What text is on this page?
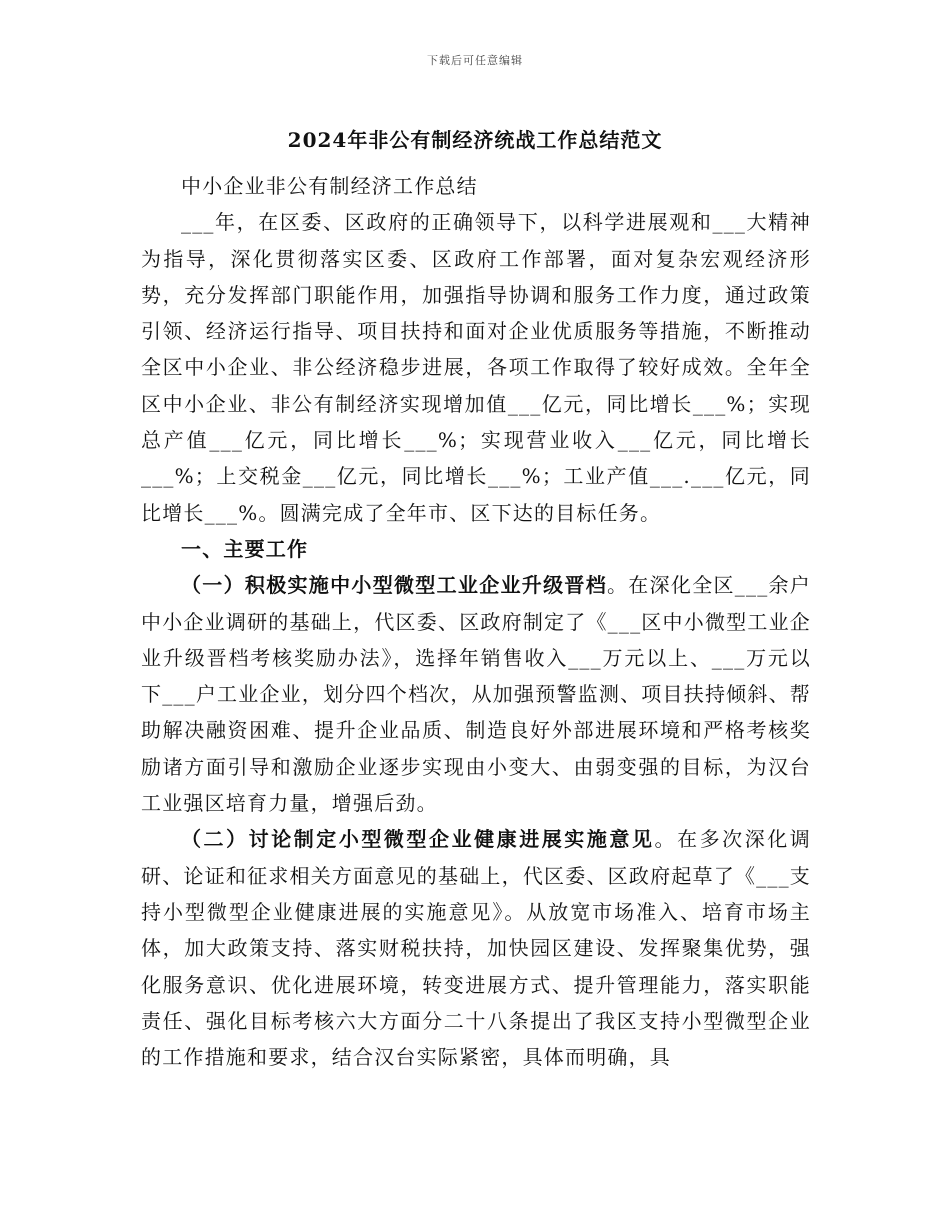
下载后可任意编辑
2024年非公有制经济统战工作总结范文

中小企业非公有制经济工作总结

___年，在区委、区政府的正确领导下，以科学进展观和___大精神为指导，深化贯彻落实区委、区政府工作部署，面对复杂宏观经济形势，充分发挥部门职能作用，加强指导协调和服务工作力度，通过政策引领、经济运行指导、项目扶持和面对企业优质服务等措施，不断推动全区中小企业、非公经济稳步进展，各项工作取得了较好成效。全年全区中小企业、非公有制经济实现增加值___亿元，同比增长___%；实现总产值___亿元，同比增长___%；实现营业收入___亿元，同比增长___%；上交税金___亿元，同比增长___%；工业产值___.___亿元，同比增长___%。圆满完成了全年市、区下达的目标任务。

一、主要工作

（一）积极实施中小型微型工业企业升级晋档。在深化全区___余户中小企业调研的基础上，代区委、区政府制定了《___区中小微型工业企业升级晋档考核奖励办法》，选择年销售收入___万元以上、___万元以下___户工业企业，划分四个档次，从加强预警监测、项目扶持倾斜、帮助解决融资困难、提升企业品质、制造良好外部进展环境和严格考核奖励诸方面引导和激励企业逐步实现由小变大、由弱变强的目标，为汉台工业强区培育力量，增强后劲。

（二）讨论制定小型微型企业健康进展实施意见。在多次深化调研、论证和征求相关方面意见的基础上，代区委、区政府起草了《___支持小型微型企业健康进展的实施意见》。从放宽市场准入、培育市场主体，加大政策支持、落实财税扶持，加快园区建设、发挥聚集优势，强化服务意识、优化进展环境，转变进展方式、提升管理能力，落实职能责任、强化目标考核六大方面分二十八条提出了我区支持小型微型企业的工作措施和要求，结合汉台实际紧密，具体而明确，具
